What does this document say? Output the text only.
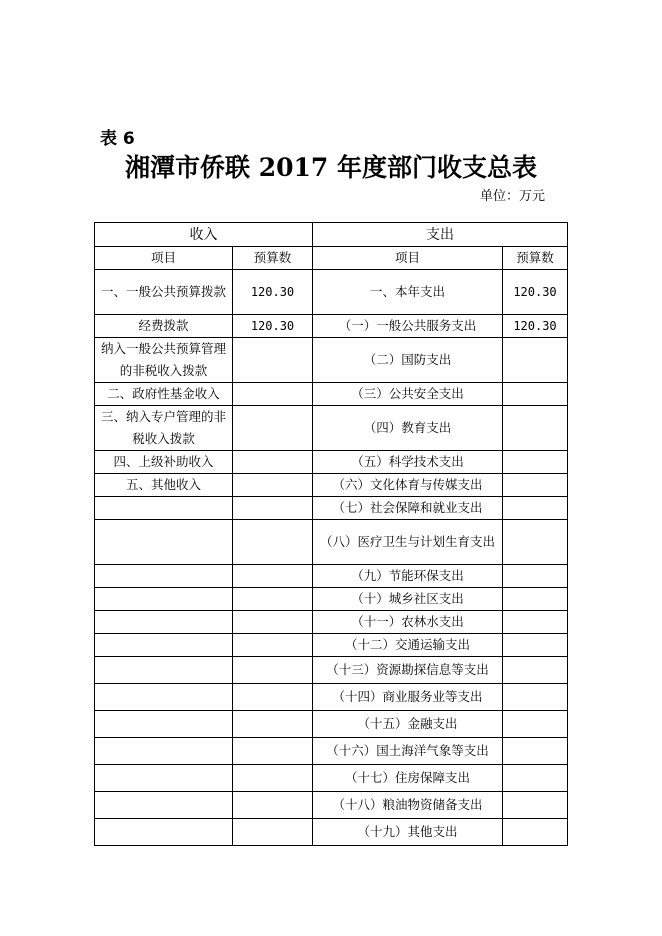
表 6
湘潭市侨联 2017 年度部门收支总表
单位：万元
收入		支出	
项目	预算数	项目	预算数
一、一般公共预算拨款	120.30	一、本年支出	120.30
经费拨款	120.30	（一）一般公共服务支出	120.30
纳入一般公共预算管理的非税收入拨款		（二）国防支出	
二、政府性基金收入		（三）公共安全支出	
三、纳入专户管理的非税收入拨款		（四）教育支出	
四、上级补助收入		（五）科学技术支出	
五、其他收入		（六）文化体育与传媒支出	
		（七）社会保障和就业支出	
		（八）医疗卫生与计划生育支出	
		（九）节能环保支出	
		（十）城乡社区支出	
		（十一）农林水支出	
		（十二）交通运输支出	
		（十三）资源勘探信息等支出	
		（十四）商业服务业等支出	
		（十五）金融支出	
		（十六）国土海洋气象等支出	
		（十七）住房保障支出	
		（十八）粮油物资储备支出	
		（十九）其他支出	
